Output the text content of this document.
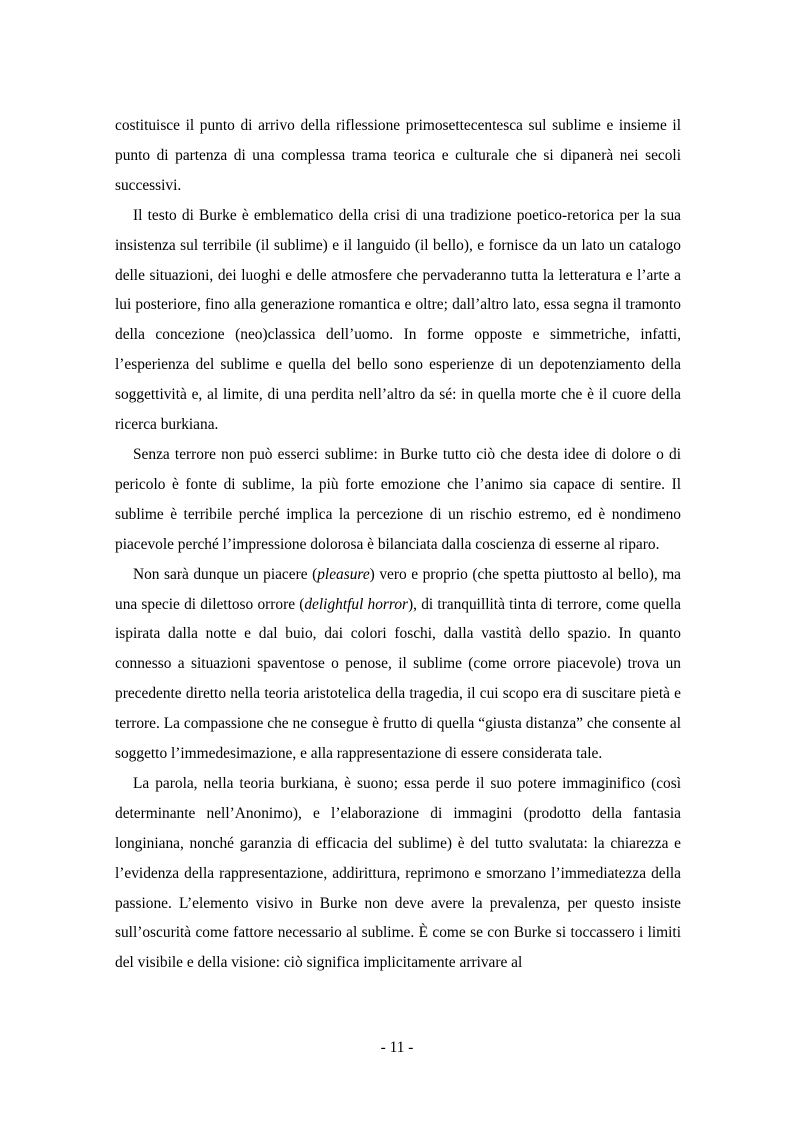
costituisce il punto di arrivo della riflessione primosettecentesca sul sublime e insieme il punto di partenza di una complessa trama teorica e culturale che si dipanerà nei secoli successivi.

Il testo di Burke è emblematico della crisi di una tradizione poetico-retorica per la sua insistenza sul terribile (il sublime) e il languido (il bello), e fornisce da un lato un catalogo delle situazioni, dei luoghi e delle atmosfere che pervaderanno tutta la letteratura e l’arte a lui posteriore, fino alla generazione romantica e oltre; dall’altro lato, essa segna il tramonto della concezione (neo)classica dell’uomo. In forme opposte e simmetriche, infatti, l’esperienza del sublime e quella del bello sono esperienze di un depotenziamento della soggettività e, al limite, di una perdita nell’altro da sé: in quella morte che è il cuore della ricerca burkiana.

Senza terrore non può esserci sublime: in Burke tutto ciò che desta idee di dolore o di pericolo è fonte di sublime, la più forte emozione che l’animo sia capace di sentire. Il sublime è terribile perché implica la percezione di un rischio estremo, ed è nondimeno piacevole perché l’impressione dolorosa è bilanciata dalla coscienza di esserne al riparo.

Non sarà dunque un piacere (pleasure) vero e proprio (che spetta piuttosto al bello), ma una specie di dilettoso orrore (delightful horror), di tranquillità tinta di terrore, come quella ispirata dalla notte e dal buio, dai colori foschi, dalla vastità dello spazio. In quanto connesso a situazioni spaventose o penose, il sublime (come orrore piacevole) trova un precedente diretto nella teoria aristotelica della tragedia, il cui scopo era di suscitare pietà e terrore. La compassione che ne consegue è frutto di quella “giusta distanza” che consente al soggetto l’immedesimazione, e alla rappresentazione di essere considerata tale.

La parola, nella teoria burkiana, è suono; essa perde il suo potere immaginifico (così determinante nell’Anonimo), e l’elaborazione di immagini (prodotto della fantasia longiniana, nonché garanzia di efficacia del sublime) è del tutto svalutata: la chiarezza e l’evidenza della rappresentazione, addirittura, reprimono e smorzano l’immediatezza della passione. L’elemento visivo in Burke non deve avere la prevalenza, per questo insiste sull’oscurità come fattore necessario al sublime. È come se con Burke si toccassero i limiti del visibile e della visione: ciò significa implicitamente arrivare al

- 11 -
